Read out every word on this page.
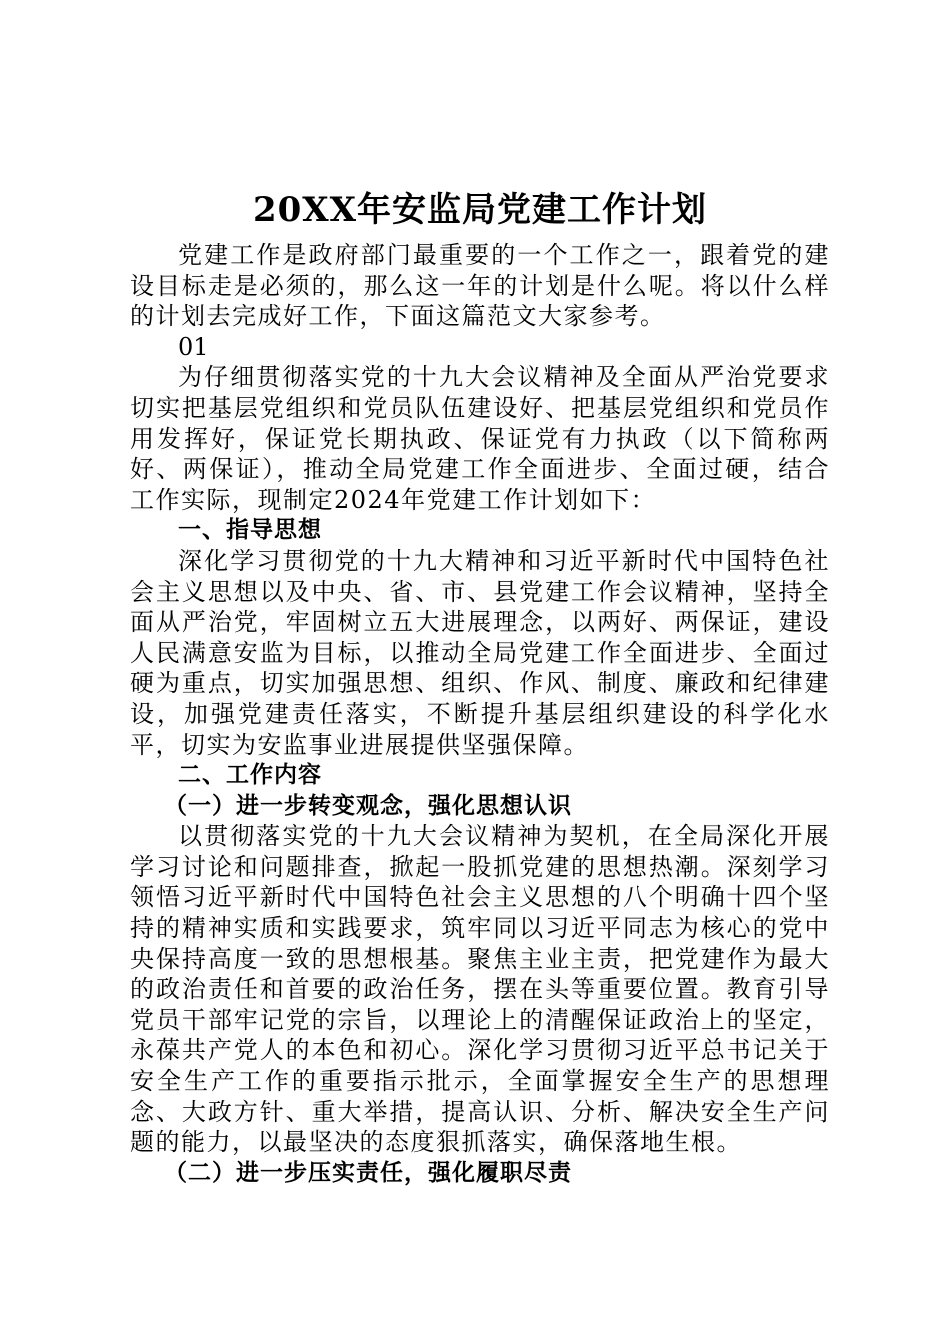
20XX年安监局党建工作计划

党建工作是政府部门最重要的一个工作之一，跟着党的建设目标走是必须的，那么这一年的计划是什么呢。将以什么样的计划去完成好工作，下面这篇范文大家参考。

01

为仔细贯彻落实党的十九大会议精神及全面从严治党要求切实把基层党组织和党员队伍建设好、把基层党组织和党员作用发挥好，保证党长期执政、保证党有力执政（以下简称两好、两保证），推动全局党建工作全面进步、全面过硬，结合工作实际，现制定2024年党建工作计划如下：

一、指导思想

深化学习贯彻党的十九大精神和习近平新时代中国特色社会主义思想以及中央、省、市、县党建工作会议精神，坚持全面从严治党，牢固树立五大进展理念，以两好、两保证，建设人民满意安监为目标，以推动全局党建工作全面进步、全面过硬为重点，切实加强思想、组织、作风、制度、廉政和纪律建设，加强党建责任落实，不断提升基层组织建设的科学化水平，切实为安监事业进展提供坚强保障。

二、工作内容

（一）进一步转变观念，强化思想认识

以贯彻落实党的十九大会议精神为契机，在全局深化开展学习讨论和问题排查，掀起一股抓党建的思想热潮。深刻学习领悟习近平新时代中国特色社会主义思想的八个明确十四个坚持的精神实质和实践要求，筑牢同以习近平同志为核心的党中央保持高度一致的思想根基。聚焦主业主责，把党建作为最大的政治责任和首要的政治任务，摆在头等重要位置。教育引导党员干部牢记党的宗旨，以理论上的清醒保证政治上的坚定，永葆共产党人的本色和初心。深化学习贯彻习近平总书记关于安全生产工作的重要指示批示，全面掌握安全生产的思想理念、大政方针、重大举措，提高认识、分析、解决安全生产问题的能力，以最坚决的态度狠抓落实，确保落地生根。

（二）进一步压实责任，强化履职尽责
